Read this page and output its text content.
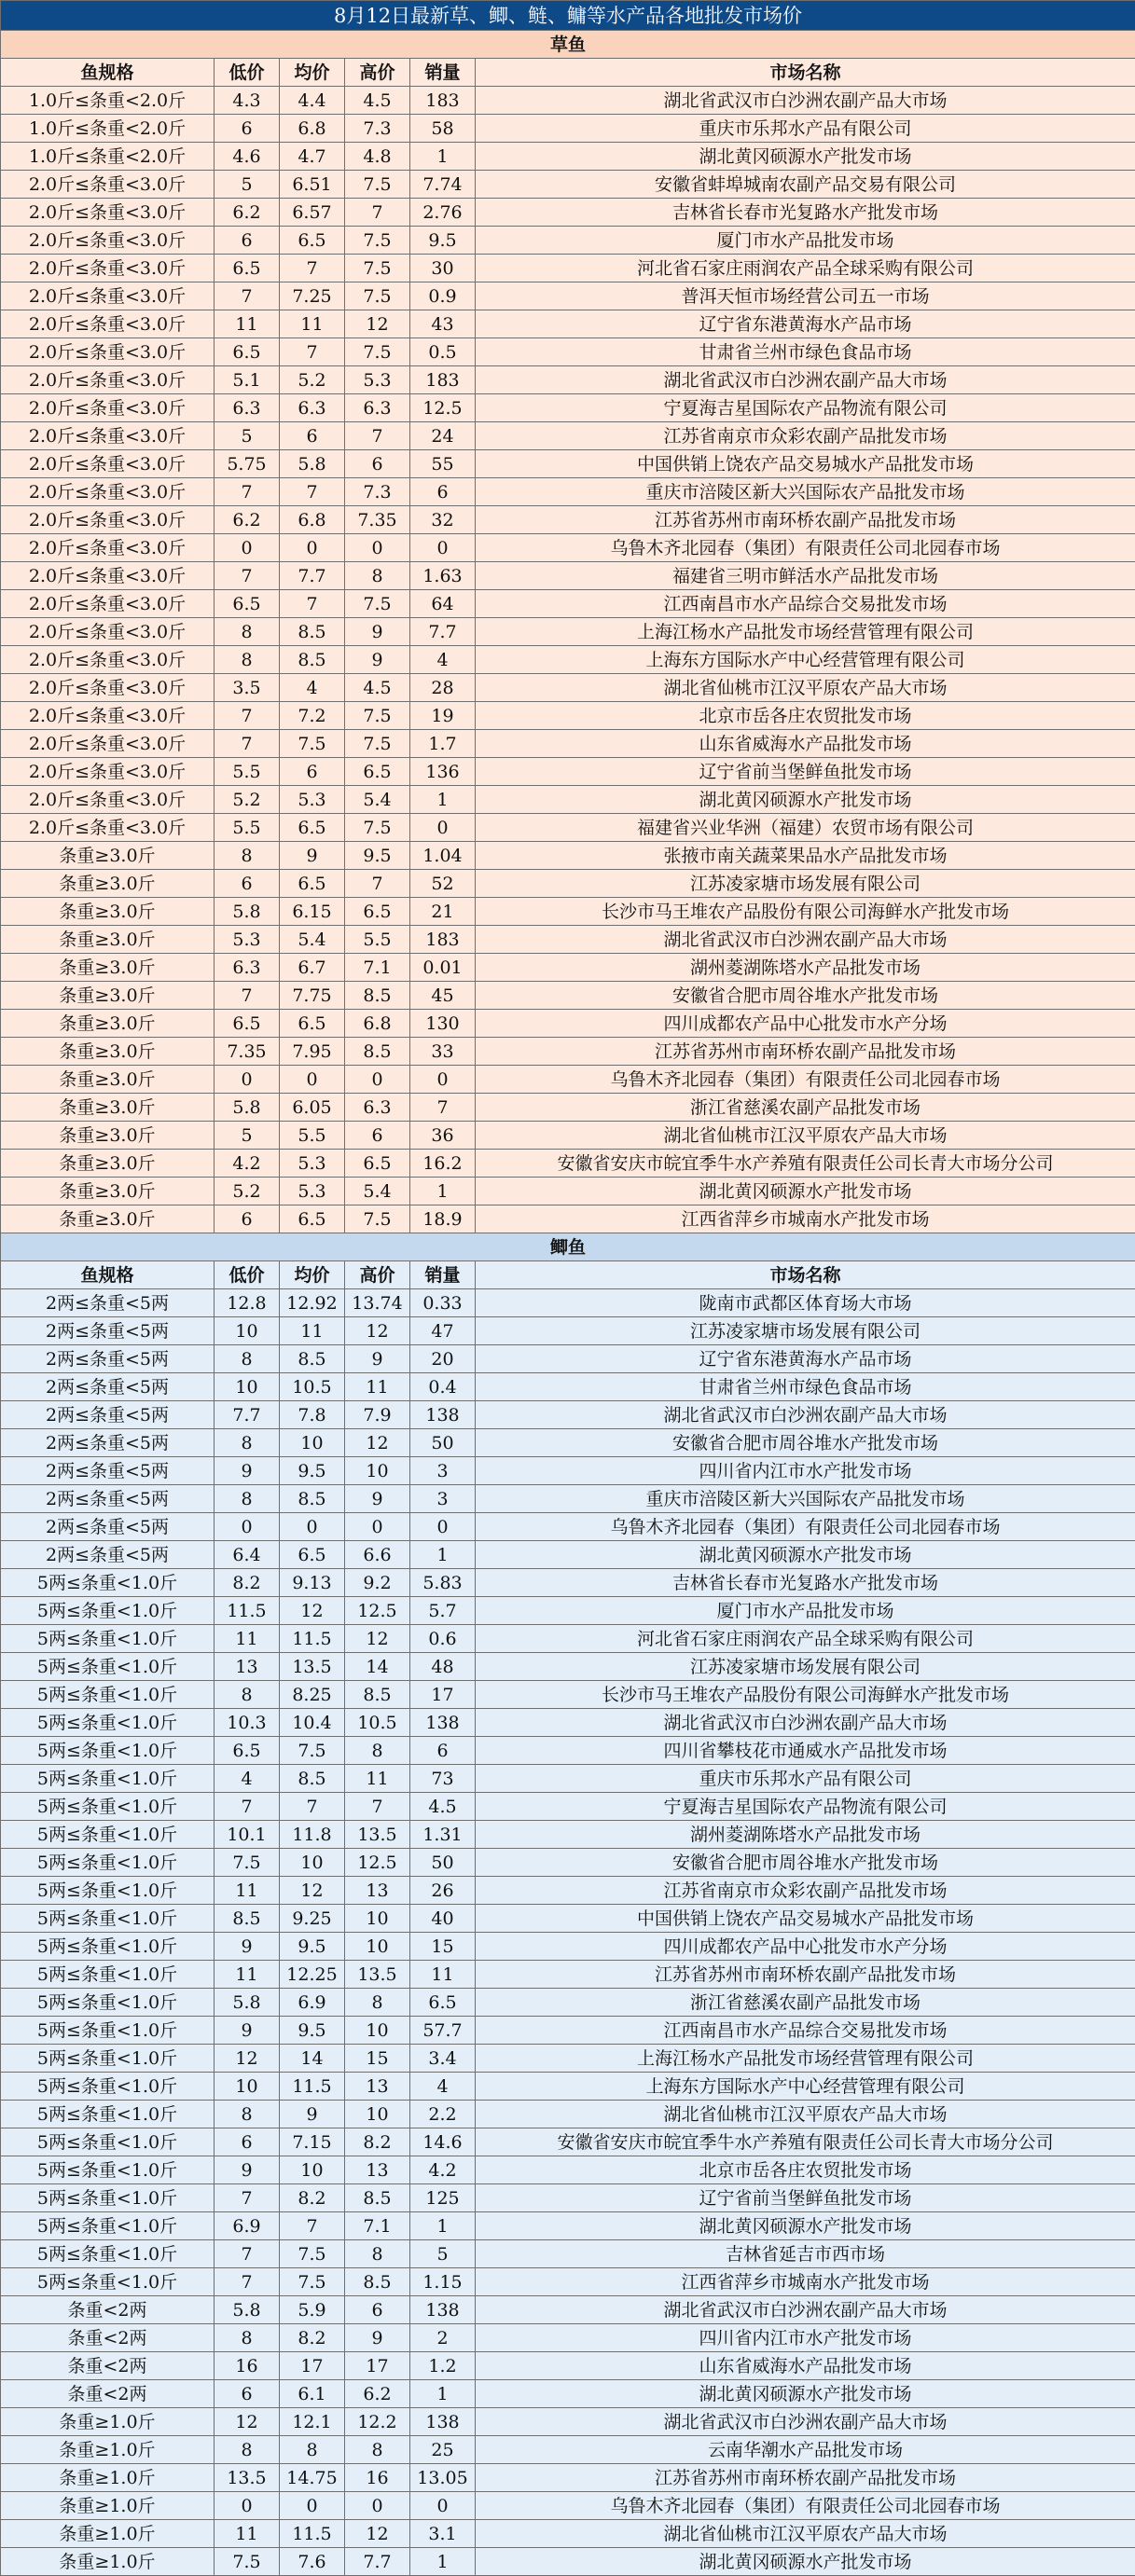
8月12日最新草、鲫、鲢、鳙等水产品各地批发市场价					
草鱼					
鱼规格	低价	均价	高价	销量	市场名称
1.0斤≤条重<2.0斤	4.3	4.4	4.5	183	湖北省武汉市白沙洲农副产品大市场
1.0斤≤条重<2.0斤	6	6.8	7.3	58	重庆市乐邦水产品有限公司
1.0斤≤条重<2.0斤	4.6	4.7	4.8	1	湖北黄冈硕源水产批发市场
2.0斤≤条重<3.0斤	5	6.51	7.5	7.74	安徽省蚌埠城南农副产品交易有限公司
2.0斤≤条重<3.0斤	6.2	6.57	7	2.76	吉林省长春市光复路水产批发市场
2.0斤≤条重<3.0斤	6	6.5	7.5	9.5	厦门市水产品批发市场
2.0斤≤条重<3.0斤	6.5	7	7.5	30	河北省石家庄雨润农产品全球采购有限公司
2.0斤≤条重<3.0斤	7	7.25	7.5	0.9	普洱天恒市场经营公司五一市场
2.0斤≤条重<3.0斤	11	11	12	43	辽宁省东港黄海水产品市场
2.0斤≤条重<3.0斤	6.5	7	7.5	0.5	甘肃省兰州市绿色食品市场
2.0斤≤条重<3.0斤	5.1	5.2	5.3	183	湖北省武汉市白沙洲农副产品大市场
2.0斤≤条重<3.0斤	6.3	6.3	6.3	12.5	宁夏海吉星国际农产品物流有限公司
2.0斤≤条重<3.0斤	5	6	7	24	江苏省南京市众彩农副产品批发市场
2.0斤≤条重<3.0斤	5.75	5.8	6	55	中国供销上饶农产品交易城水产品批发市场
2.0斤≤条重<3.0斤	7	7	7.3	6	重庆市涪陵区新大兴国际农产品批发市场
2.0斤≤条重<3.0斤	6.2	6.8	7.35	32	江苏省苏州市南环桥农副产品批发市场
2.0斤≤条重<3.0斤	0	0	0	0	乌鲁木齐北园春（集团）有限责任公司北园春市场
2.0斤≤条重<3.0斤	7	7.7	8	1.63	福建省三明市鲜活水产品批发市场
2.0斤≤条重<3.0斤	6.5	7	7.5	64	江西南昌市水产品综合交易批发市场
2.0斤≤条重<3.0斤	8	8.5	9	7.7	上海江杨水产品批发市场经营管理有限公司
2.0斤≤条重<3.0斤	8	8.5	9	4	上海东方国际水产中心经营管理有限公司
2.0斤≤条重<3.0斤	3.5	4	4.5	28	湖北省仙桃市江汉平原农产品大市场
2.0斤≤条重<3.0斤	7	7.2	7.5	19	北京市岳各庄农贸批发市场
2.0斤≤条重<3.0斤	7	7.5	7.5	1.7	山东省威海水产品批发市场
2.0斤≤条重<3.0斤	5.5	6	6.5	136	辽宁省前当堡鲜鱼批发市场
2.0斤≤条重<3.0斤	5.2	5.3	5.4	1	湖北黄冈硕源水产批发市场
2.0斤≤条重<3.0斤	5.5	6.5	7.5	0	福建省兴业华洲（福建）农贸市场有限公司
条重≥3.0斤	8	9	9.5	1.04	张掖市南关蔬菜果品水产品批发市场
条重≥3.0斤	6	6.5	7	52	江苏凌家塘市场发展有限公司
条重≥3.0斤	5.8	6.15	6.5	21	长沙市马王堆农产品股份有限公司海鲜水产批发市场
条重≥3.0斤	5.3	5.4	5.5	183	湖北省武汉市白沙洲农副产品大市场
条重≥3.0斤	6.3	6.7	7.1	0.01	湖州菱湖陈塔水产品批发市场
条重≥3.0斤	7	7.75	8.5	45	安徽省合肥市周谷堆水产批发市场
条重≥3.0斤	6.5	6.5	6.8	130	四川成都农产品中心批发市水产分场
条重≥3.0斤	7.35	7.95	8.5	33	江苏省苏州市南环桥农副产品批发市场
条重≥3.0斤	0	0	0	0	乌鲁木齐北园春（集团）有限责任公司北园春市场
条重≥3.0斤	5.8	6.05	6.3	7	浙江省慈溪农副产品批发市场
条重≥3.0斤	5	5.5	6	36	湖北省仙桃市江汉平原农产品大市场
条重≥3.0斤	4.2	5.3	6.5	16.2	安徽省安庆市皖宜季牛水产养殖有限责任公司长青大市场分公司
条重≥3.0斤	5.2	5.3	5.4	1	湖北黄冈硕源水产批发市场
条重≥3.0斤	6	6.5	7.5	18.9	江西省萍乡市城南水产批发市场
鲫鱼					
鱼规格	低价	均价	高价	销量	市场名称
2两≤条重<5两	12.8	12.92	13.74	0.33	陇南市武都区体育场大市场
2两≤条重<5两	10	11	12	47	江苏凌家塘市场发展有限公司
2两≤条重<5两	8	8.5	9	20	辽宁省东港黄海水产品市场
2两≤条重<5两	10	10.5	11	0.4	甘肃省兰州市绿色食品市场
2两≤条重<5两	7.7	7.8	7.9	138	湖北省武汉市白沙洲农副产品大市场
2两≤条重<5两	8	10	12	50	安徽省合肥市周谷堆水产批发市场
2两≤条重<5两	9	9.5	10	3	四川省内江市水产批发市场
2两≤条重<5两	8	8.5	9	3	重庆市涪陵区新大兴国际农产品批发市场
2两≤条重<5两	0	0	0	0	乌鲁木齐北园春（集团）有限责任公司北园春市场
2两≤条重<5两	6.4	6.5	6.6	1	湖北黄冈硕源水产批发市场
5两≤条重<1.0斤	8.2	9.13	9.2	5.83	吉林省长春市光复路水产批发市场
5两≤条重<1.0斤	11.5	12	12.5	5.7	厦门市水产品批发市场
5两≤条重<1.0斤	11	11.5	12	0.6	河北省石家庄雨润农产品全球采购有限公司
5两≤条重<1.0斤	13	13.5	14	48	江苏凌家塘市场发展有限公司
5两≤条重<1.0斤	8	8.25	8.5	17	长沙市马王堆农产品股份有限公司海鲜水产批发市场
5两≤条重<1.0斤	10.3	10.4	10.5	138	湖北省武汉市白沙洲农副产品大市场
5两≤条重<1.0斤	6.5	7.5	8	6	四川省攀枝花市通威水产品批发市场
5两≤条重<1.0斤	4	8.5	11	73	重庆市乐邦水产品有限公司
5两≤条重<1.0斤	7	7	7	4.5	宁夏海吉星国际农产品物流有限公司
5两≤条重<1.0斤	10.1	11.8	13.5	1.31	湖州菱湖陈塔水产品批发市场
5两≤条重<1.0斤	7.5	10	12.5	50	安徽省合肥市周谷堆水产批发市场
5两≤条重<1.0斤	11	12	13	26	江苏省南京市众彩农副产品批发市场
5两≤条重<1.0斤	8.5	9.25	10	40	中国供销上饶农产品交易城水产品批发市场
5两≤条重<1.0斤	9	9.5	10	15	四川成都农产品中心批发市水产分场
5两≤条重<1.0斤	11	12.25	13.5	11	江苏省苏州市南环桥农副产品批发市场
5两≤条重<1.0斤	5.8	6.9	8	6.5	浙江省慈溪农副产品批发市场
5两≤条重<1.0斤	9	9.5	10	57.7	江西南昌市水产品综合交易批发市场
5两≤条重<1.0斤	12	14	15	3.4	上海江杨水产品批发市场经营管理有限公司
5两≤条重<1.0斤	10	11.5	13	4	上海东方国际水产中心经营管理有限公司
5两≤条重<1.0斤	8	9	10	2.2	湖北省仙桃市江汉平原农产品大市场
5两≤条重<1.0斤	6	7.15	8.2	14.6	安徽省安庆市皖宜季牛水产养殖有限责任公司长青大市场分公司
5两≤条重<1.0斤	9	10	13	4.2	北京市岳各庄农贸批发市场
5两≤条重<1.0斤	7	8.2	8.5	125	辽宁省前当堡鲜鱼批发市场
5两≤条重<1.0斤	6.9	7	7.1	1	湖北黄冈硕源水产批发市场
5两≤条重<1.0斤	7	7.5	8	5	吉林省延吉市西市场
5两≤条重<1.0斤	7	7.5	8.5	1.15	江西省萍乡市城南水产批发市场
条重<2两	5.8	5.9	6	138	湖北省武汉市白沙洲农副产品大市场
条重<2两	8	8.2	9	2	四川省内江市水产批发市场
条重<2两	16	17	17	1.2	山东省威海水产品批发市场
条重<2两	6	6.1	6.2	1	湖北黄冈硕源水产批发市场
条重≥1.0斤	12	12.1	12.2	138	湖北省武汉市白沙洲农副产品大市场
条重≥1.0斤	8	8	8	25	云南华潮水产品批发市场
条重≥1.0斤	13.5	14.75	16	13.05	江苏省苏州市南环桥农副产品批发市场
条重≥1.0斤	0	0	0	0	乌鲁木齐北园春（集团）有限责任公司北园春市场
条重≥1.0斤	11	11.5	12	3.1	湖北省仙桃市江汉平原农产品大市场
条重≥1.0斤	7.5	7.6	7.7	1	湖北黄冈硕源水产批发市场
